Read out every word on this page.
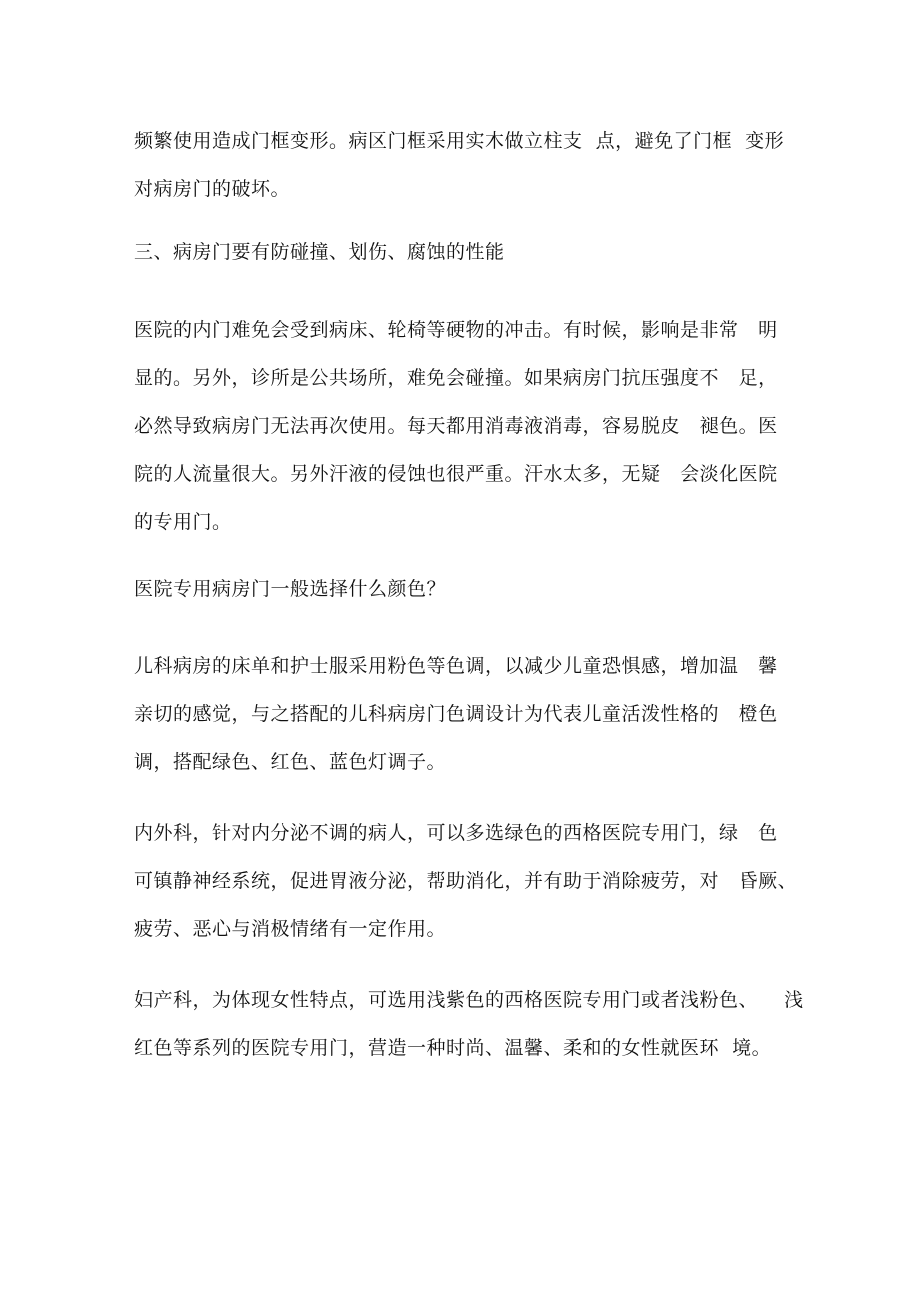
频繁使用造成门框变形。病区门框采用实木做立柱支  点，避免了门框  变形
对病房门的破坏。
三、病房门要有防碰撞、划伤、腐蚀的性能
医院的内门难免会受到病床、轮椅等硬物的冲击。有时候，影响是非常   明
显的。另外，诊所是公共场所，难免会碰撞。如果病房门抗压强度不   足，
必然导致病房门无法再次使用。每天都用消毒液消毒，容易脱皮   褪色。医
院的人流量很大。另外汗液的侵蚀也很严重。汗水太多，无疑   会淡化医院
的专用门。
医院专用病房门一般选择什么颜色？
儿科病房的床单和护士服采用粉色等色调，以减少儿童恐惧感，增加温   馨
亲切的感觉，与之搭配的儿科病房门色调设计为代表儿童活泼性格的   橙色
调，搭配绿色、红色、蓝色灯调子。
内外科，针对内分泌不调的病人，可以多选绿色的西格医院专用门，绿   色
可镇静神经系统，促进胃液分泌，帮助消化，并有助于消除疲劳，对   昏厥、
疲劳、恶心与消极情绪有一定作用。
妇产科，为体现女性特点，可选用浅紫色的西格医院专用门或者浅粉色、    浅
红色等系列的医院专用门，营造一种时尚、温馨、柔和的女性就医环  境。
